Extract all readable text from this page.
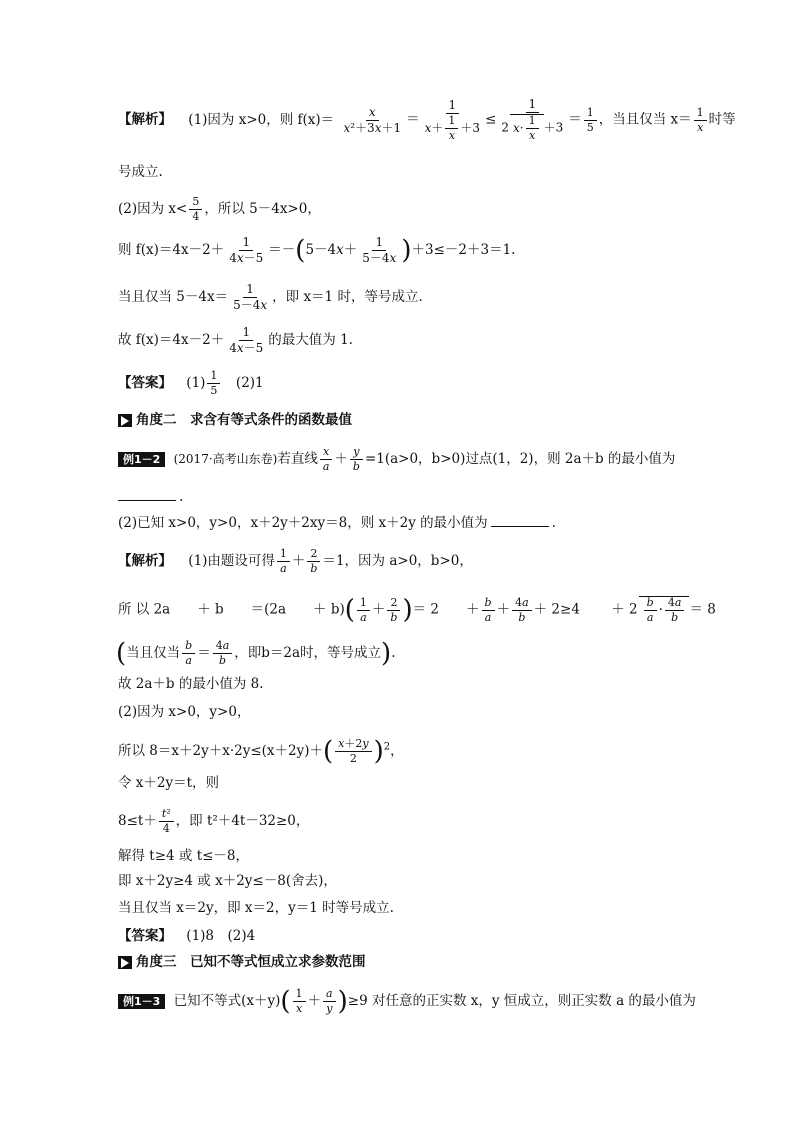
【解析】 (1)因为 x>0，则 $f(x)= \frac{x}{\text{x²＋3x＋1}} = \frac{1}{x+ \frac{1}{x} +3} \le \frac{1}{2 x\cdot \frac{1}{x} +3} = \frac{1}{5}$ ，当且仅当 $x= \frac{1}{x}$ 时等
号成立.
(2)因为 $x< \frac{5}{4}$ ，所以 5－4x>0，
则 $f(x)=4x-2+ \frac{1}{4x-5} =-(5-4x+ \frac{1}{5-4x} )+3\le-2+3=1$.
当且仅当 $5-4x= \frac{1}{5-4x}$ ，即 x＝1 时，等号成立.
故 $f(x)=4x-2+ \frac{1}{4x-5}$ 的最大值为 1.
【答案】 $(1) \frac{1}{5}$ 　(2)1
角度二　求含有等式条件的函数最值
例1－2 (2017·高考山东卷)若直线 $\frac{x}{a} + \frac{y}{b} =1(a>0$，b>0)过点(1，2)，则 2a＋b 的最小值为
.
(2)已知 x>0，y>0，x＋2y＋2xy＝8，则 x＋2y 的最小值为	.
【解析】 (1)由题设可得 $\frac{1}{a} + \frac{2}{b} =1$，因为 a>0，b>0，
所 以 2a　　＋ b　　＝(2a　　＋ $b)( \frac{1}{a} + \frac{2}{b}$ )＝ 2　　＋ $\frac{b}{a} + \frac{4a}{b} + 2\ge 4$　　 ＋ $2 \frac{b}{a} \cdot \frac{4a}{b} = 8$
(当且仅当 $\frac{b}{a} = \frac{4a}{b}$ ，即b＝2a时，等号成立).
故 2a＋b 的最小值为 8.
(2)因为 x>0，y>0，
所以 $8=x+2y+x\cdot 2y\le(x+2y)+( \frac{x+2y}{2} )^2$，
令 x＋2y＝t，则
$8\le t+ \frac{\text{t²}}{4}$ ，即 t²＋4t－32≥0，
解得 t≥4 或 t≤－8，
即 x＋2y≥4 或 x＋2y≤－8(舍去)，
当且仅当 x＝2y，即 x＝2，y＝1 时等号成立.
【答案】 (1)8　(2)4
角度三　已知不等式恒成立求参数范围
例1－3 已知不等式$(x+y)( \frac{1}{x} + \frac{a}{y} )\ge 9$ 对任意的正实数 x，y 恒成立，则正实数 a 的最小值为
